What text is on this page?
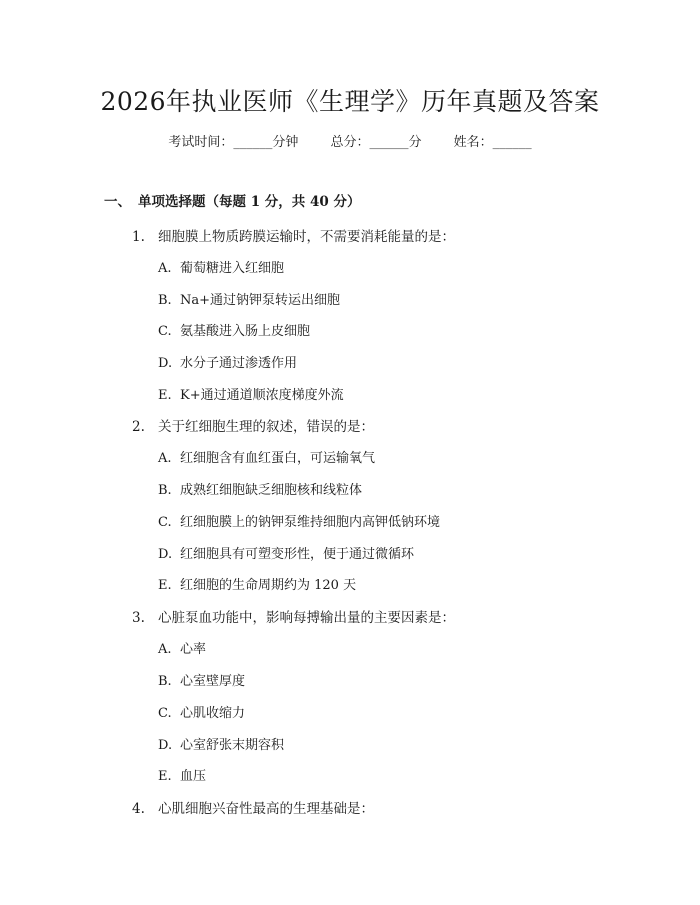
2026年执业医师《生理学》历年真题及答案
考试时间：______分钟 总分：______分 姓名：______
一、 单项选择题（每题 1 分，共 40 分）
1. 细胞膜上物质跨膜运输时，不需要消耗能量的是：
A. 葡萄糖进入红细胞
B. Na+通过钠钾泵转运出细胞
C. 氨基酸进入肠上皮细胞
D. 水分子通过渗透作用
E. K+通过通道顺浓度梯度外流
2. 关于红细胞生理的叙述，错误的是：
A. 红细胞含有血红蛋白，可运输氧气
B. 成熟红细胞缺乏细胞核和线粒体
C. 红细胞膜上的钠钾泵维持细胞内高钾低钠环境
D. 红细胞具有可塑变形性，便于通过微循环
E. 红细胞的生命周期约为 120 天
3. 心脏泵血功能中，影响每搏输出量的主要因素是：
A. 心率
B. 心室壁厚度
C. 心肌收缩力
D. 心室舒张末期容积
E. 血压
4. 心肌细胞兴奋性最高的生理基础是：
